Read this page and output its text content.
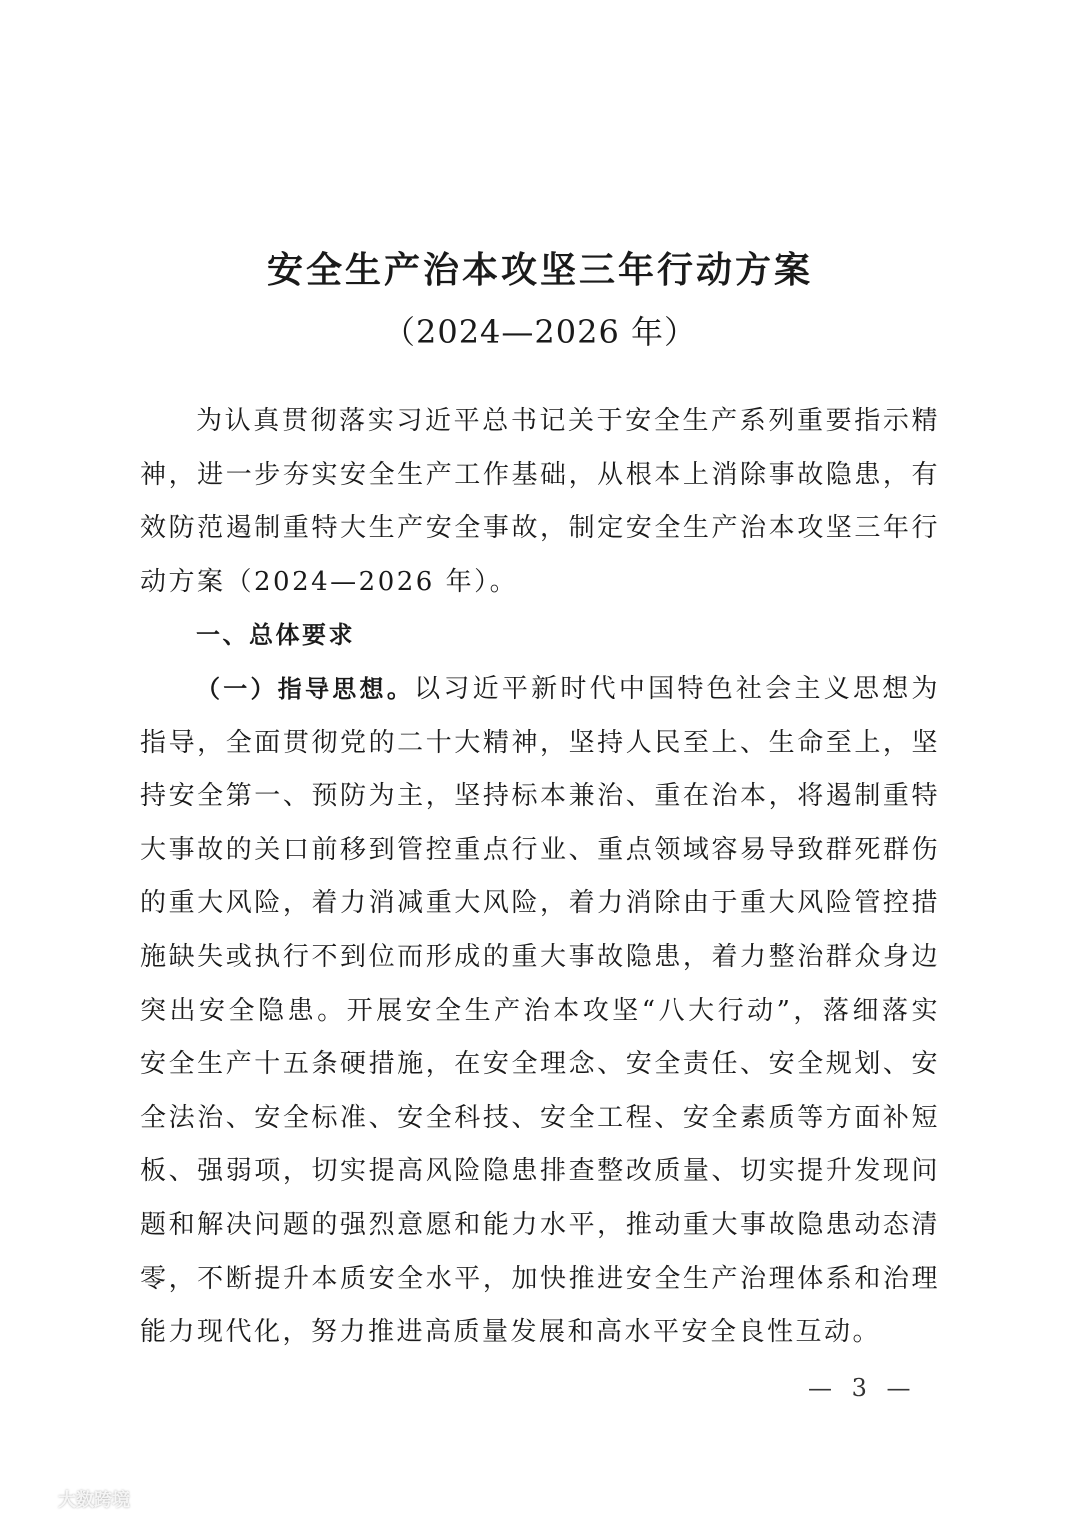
安全生产治本攻坚三年行动方案
（2024—2026 年）

为认真贯彻落实习近平总书记关于安全生产系列重要指示精神，进一步夯实安全生产工作基础，从根本上消除事故隐患，有效防范遏制重特大生产安全事故，制定安全生产治本攻坚三年行动方案（2024—2026 年）。

一、总体要求

（一）指导思想。以习近平新时代中国特色社会主义思想为指导，全面贯彻党的二十大精神，坚持人民至上、生命至上，坚持安全第一、预防为主，坚持标本兼治、重在治本，将遏制重特大事故的关口前移到管控重点行业、重点领域容易导致群死群伤的重大风险，着力消减重大风险，着力消除由于重大风险管控措施缺失或执行不到位而形成的重大事故隐患，着力整治群众身边突出安全隐患。开展安全生产治本攻坚“八大行动”，落细落实安全生产十五条硬措施，在安全理念、安全责任、安全规划、安全法治、安全标准、安全科技、安全工程、安全素质等方面补短板、强弱项，切实提高风险隐患排查整改质量、切实提升发现问题和解决问题的强烈意愿和能力水平，推动重大事故隐患动态清零，不断提升本质安全水平，加快推进安全生产治理体系和治理能力现代化，努力推进高质量发展和高水平安全良性互动。

— 3 —
大数跨境
